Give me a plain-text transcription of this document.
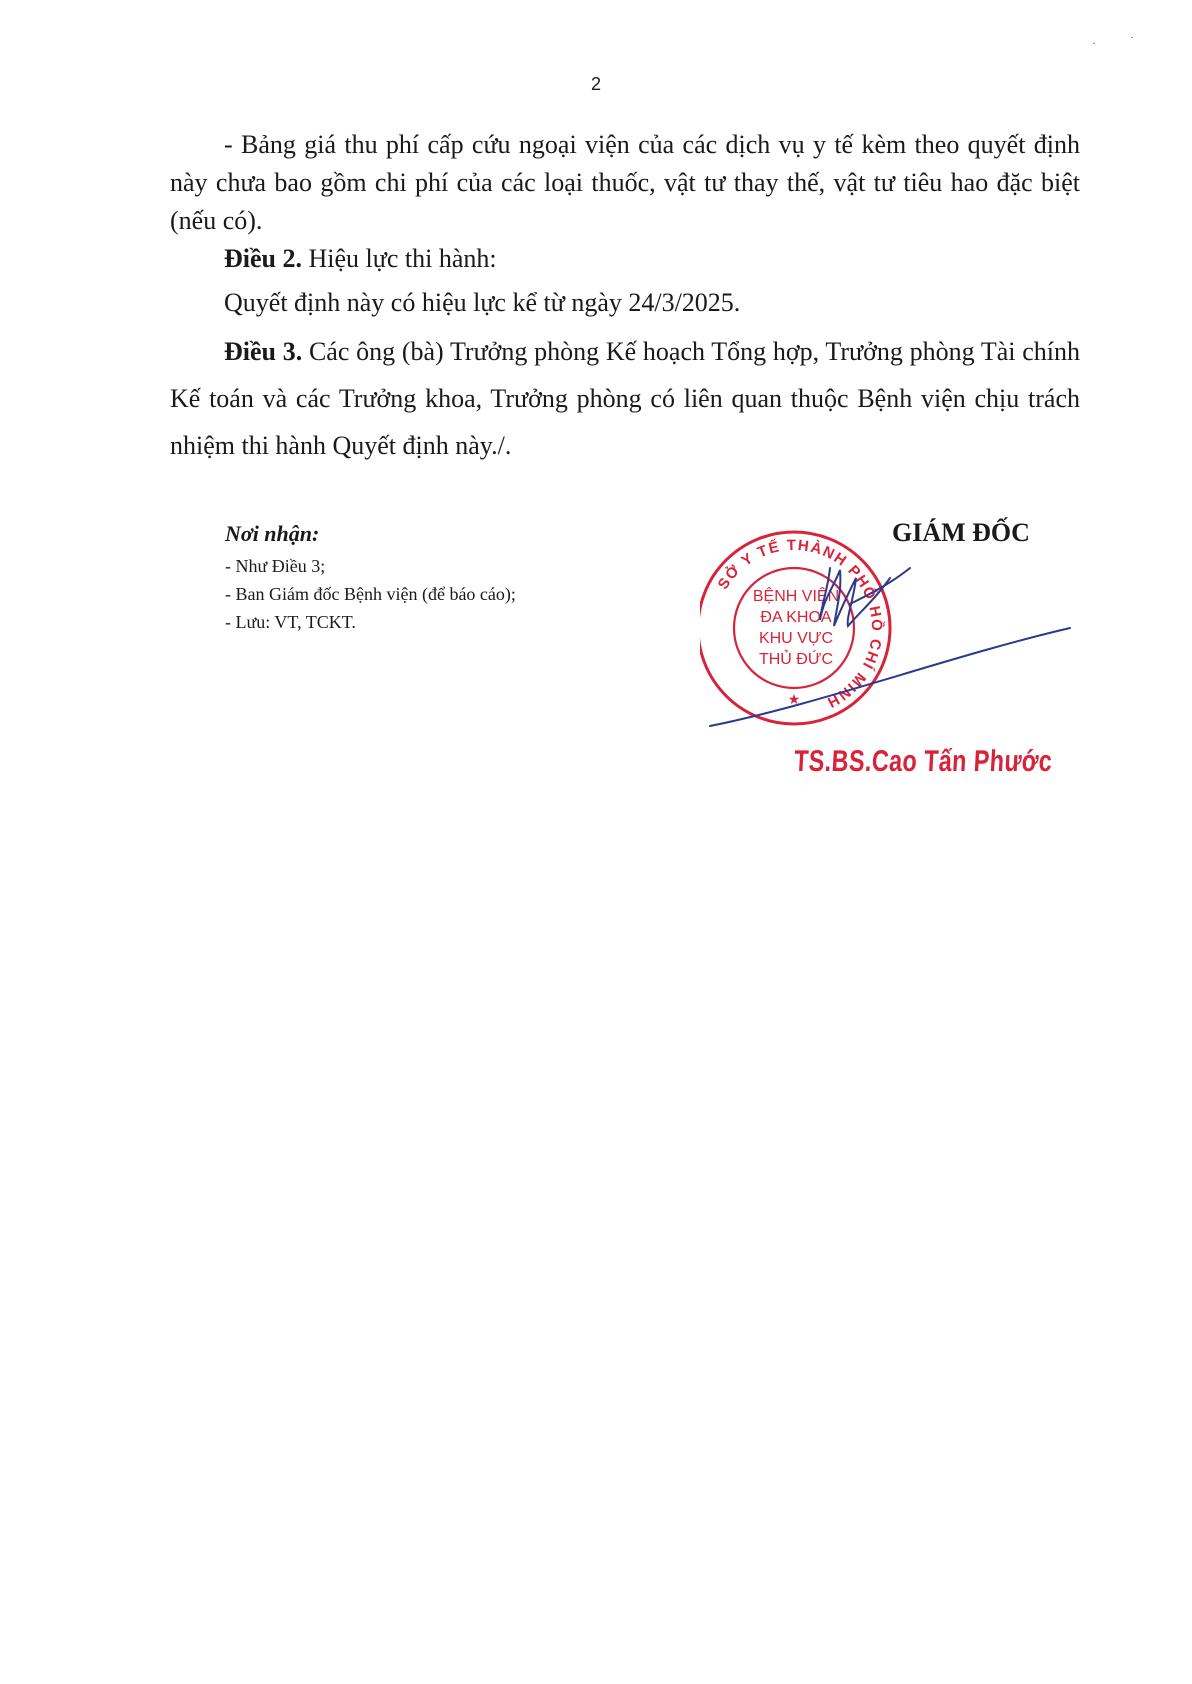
2

- Bảng giá thu phí cấp cứu ngoại viện của các dịch vụ y tế kèm theo quyết định này chưa bao gồm chi phí của các loại thuốc, vật tư thay thế, vật tư tiêu hao đặc biệt (nếu có).

Điều 2. Hiệu lực thi hành:

Quyết định này có hiệu lực kể từ ngày 24/3/2025.

Điều 3. Các ông (bà) Trưởng phòng Kế hoạch Tổng hợp, Trưởng phòng Tài chính Kế toán và các Trưởng khoa, Trưởng phòng có liên quan thuộc Bệnh viện chịu trách nhiệm thi hành Quyết định này./.

Nơi nhận:
- Như Điều 3;
- Ban Giám đốc Bệnh viện (để báo cáo);
- Lưu: VT, TCKT.
GIÁM ĐỐC
SỞ Y TẾ THÀNH PHỐ HỒ CHÍ MINH
BỆNH VIỆN
ĐA KHOA
KHU VỰC
THỦ ĐỨC
★
TS.BS.Cao Tấn Phước
·	·
